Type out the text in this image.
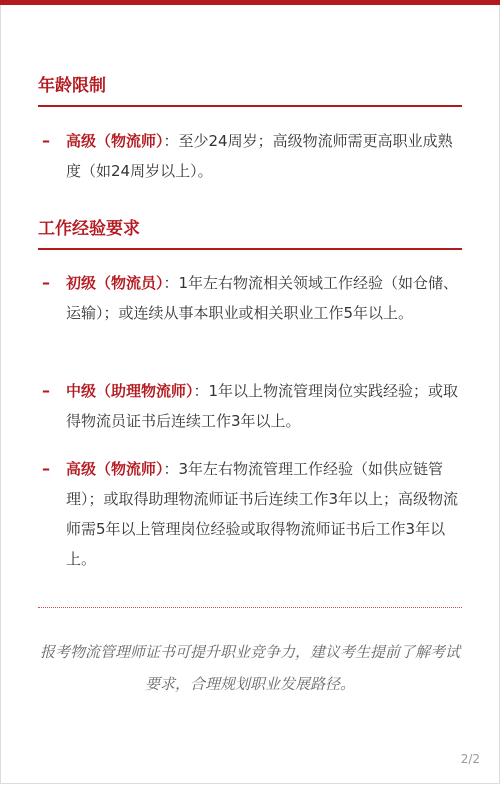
年龄限制
– 高级（物流师）：至少24周岁；高级物流师需更高职业成熟度（如24周岁以上）。
工作经验要求
– 初级（物流员）：1年左右物流相关领域工作经验（如仓储、运输）；或连续从事本职业或相关职业工作5年以上。
– 中级（助理物流师）：1年以上物流管理岗位实践经验；或取得物流员证书后连续工作3年以上。
– 高级（物流师）：3年左右物流管理工作经验（如供应链管理）；或取得助理物流师证书后连续工作3年以上；高级物流师需5年以上管理岗位经验或取得物流师证书后工作3年以上。
报考物流管理师证书可提升职业竞争力，建议考生提前了解考试要求，合理规划职业发展路径。
2/2
